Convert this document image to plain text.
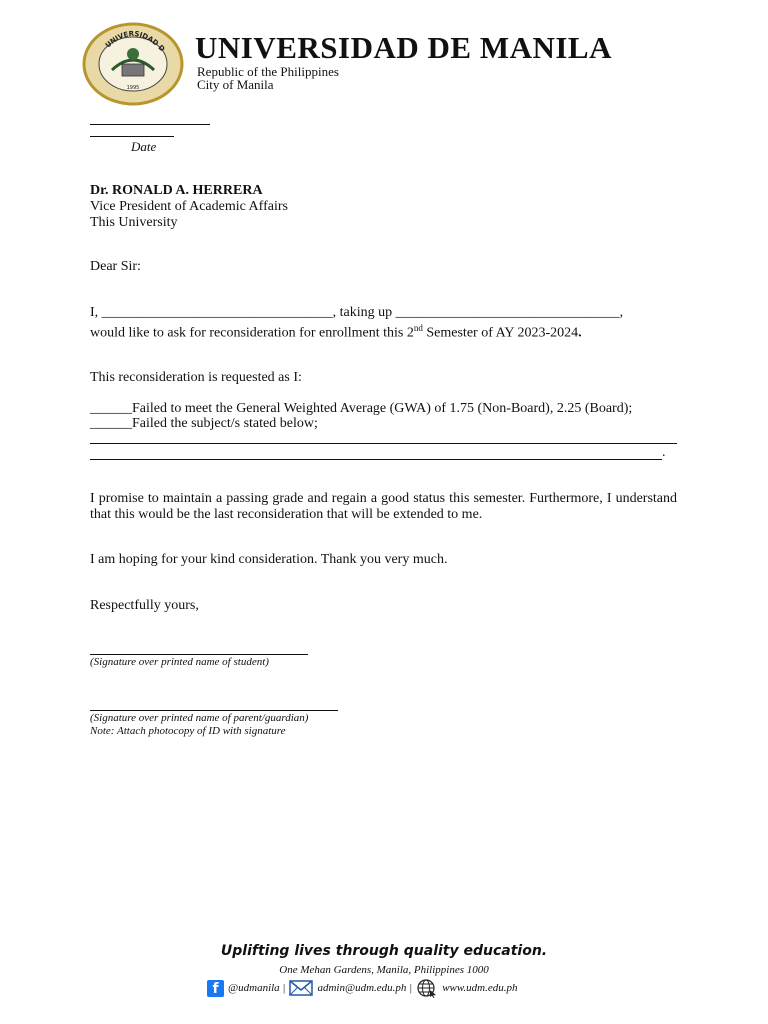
UNIVERSIDAD D
1995
UNIVERSIDAD DE MANILA
Republic of the Philippines
City of Manila
Date
Dr. RONALD A. HERRERA
Vice President of Academic Affairs
This University
Dear Sir:
I, _________________________________, taking up ________________________________,
would like to ask for reconsideration for enrollment this 2nd Semester of AY 2023-2024.
This reconsideration is requested as I:
______Failed to meet the General Weighted Average (GWA) of 1.75 (Non-Board), 2.25 (Board);
______Failed the subject/s stated below;
.
I promise to maintain a passing grade and regain a good status this semester. Furthermore, I understand that this would be the last reconsideration that will be extended to me.
I am hoping for your kind consideration. Thank you very much.
Respectfully yours,
(Signature over printed name of student)
(Signature over printed name of parent/guardian)
Note: Attach photocopy of ID with signature
Uplifting lives through quality education.
One Mehan Gardens, Manila, Philippines 1000
f @udmanila |	admin@udm.edu.ph |	www.udm.edu.ph
